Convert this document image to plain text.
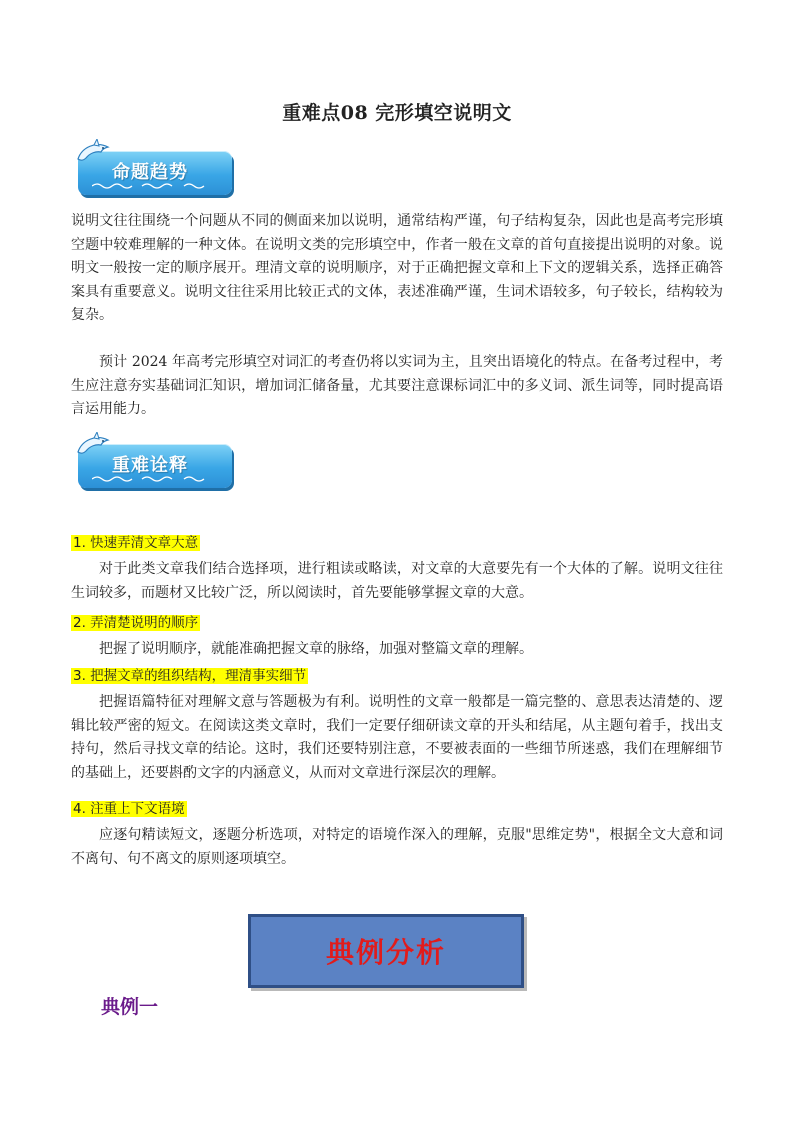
重难点08 完形填空说明文
命题趋势

说明文往往围绕一个问题从不同的侧面来加以说明，通常结构严谨，句子结构复杂，因此也是高考完形填空题中较难理解的一种文体。在说明文类的完形填空中，作者一般在文章的首句直接提出说明的对象。说明文一般按一定的顺序展开。理清文章的说明顺序，对于正确把握文章和上下文的逻辑关系，选择正确答案具有重要意义。说明文往往采用比较正式的文体，表述准确严谨，生词术语较多，句子较长，结构较为复杂。

预计 2024 年高考完形填空对词汇的考查仍将以实词为主，且突出语境化的特点。在备考过程中，考生应注意夯实基础词汇知识，增加词汇储备量，尤其要注意课标词汇中的多义词、派生词等，同时提高语言运用能力。

重难诠释
1. 快速弄清文章大意

对于此类文章我们结合选择项，进行粗读或略读，对文章的大意要先有一个大体的了解。说明文往往生词较多，而题材又比较广泛，所以阅读时，首先要能够掌握文章的大意。

2. 弄清楚说明的顺序

把握了说明顺序，就能准确把握文章的脉络，加强对整篇文章的理解。

3. 把握文章的组织结构，理清事实细节

把握语篇特征对理解文意与答题极为有利。说明性的文章一般都是一篇完整的、意思表达清楚的、逻辑比较严密的短文。在阅读这类文章时，我们一定要仔细研读文章的开头和结尾，从主题句着手，找出支持句，然后寻找文章的结论。这时，我们还要特别注意，不要被表面的一些细节所迷惑，我们在理解细节的基础上，还要斟酌文字的内涵意义，从而对文章进行深层次的理解。

4. 注重上下文语境

应逐句精读短文，逐题分析选项，对特定的语境作深入的理解，克服"思维定势"，根据全文大意和词不离句、句不离文的原则逐项填空。

典例分析
典例一
